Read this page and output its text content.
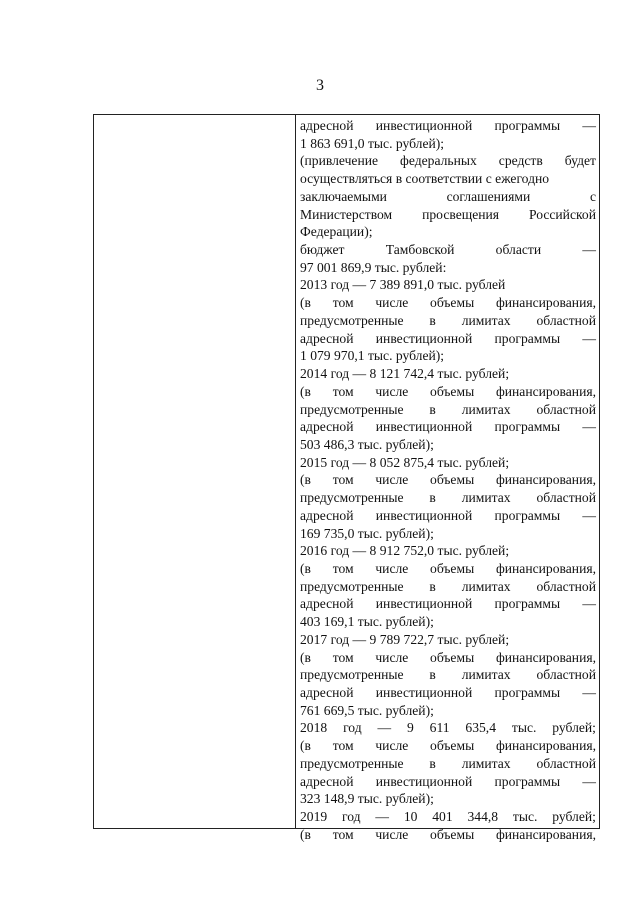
3
адресной инвестиционной программы —
1 863 691,0 тыс. рублей);
(привлечение федеральных средств будет
осуществляться в соответствии с ежегодно
заключаемыми	соглашениями	с
Министерством просвещения Российской
Федерации);
бюджет	Тамбовской	области	—
97 001 869,9 тыс. рублей:
2013 год — 7 389 891,0 тыс. рублей
(в том числе объемы финансирования,
предусмотренные в лимитах областной
адресной инвестиционной программы —
1 079 970,1 тыс. рублей);
2014 год — 8 121 742,4 тыс. рублей;
(в том числе объемы финансирования,
предусмотренные в лимитах областной
адресной инвестиционной программы —
503 486,3 тыс. рублей);
2015 год — 8 052 875,4 тыс. рублей;
(в том числе объемы финансирования,
предусмотренные в лимитах областной
адресной инвестиционной программы —
169 735,0 тыс. рублей);
2016 год — 8 912 752,0 тыс. рублей;
(в том числе объемы финансирования,
предусмотренные в лимитах областной
адресной инвестиционной программы —
403 169,1 тыс. рублей);
2017 год — 9 789 722,7 тыс. рублей;
(в том числе объемы финансирования,
предусмотренные в лимитах областной
адресной инвестиционной программы —
761 669,5 тыс. рублей);
2018 год — 9 611 635,4 тыс. рублей;
(в том числе объемы финансирования,
предусмотренные в лимитах областной
адресной инвестиционной программы —
323 148,9 тыс. рублей);
2019 год — 10 401 344,8 тыс. рублей;
(в том числе объемы финансирования,
